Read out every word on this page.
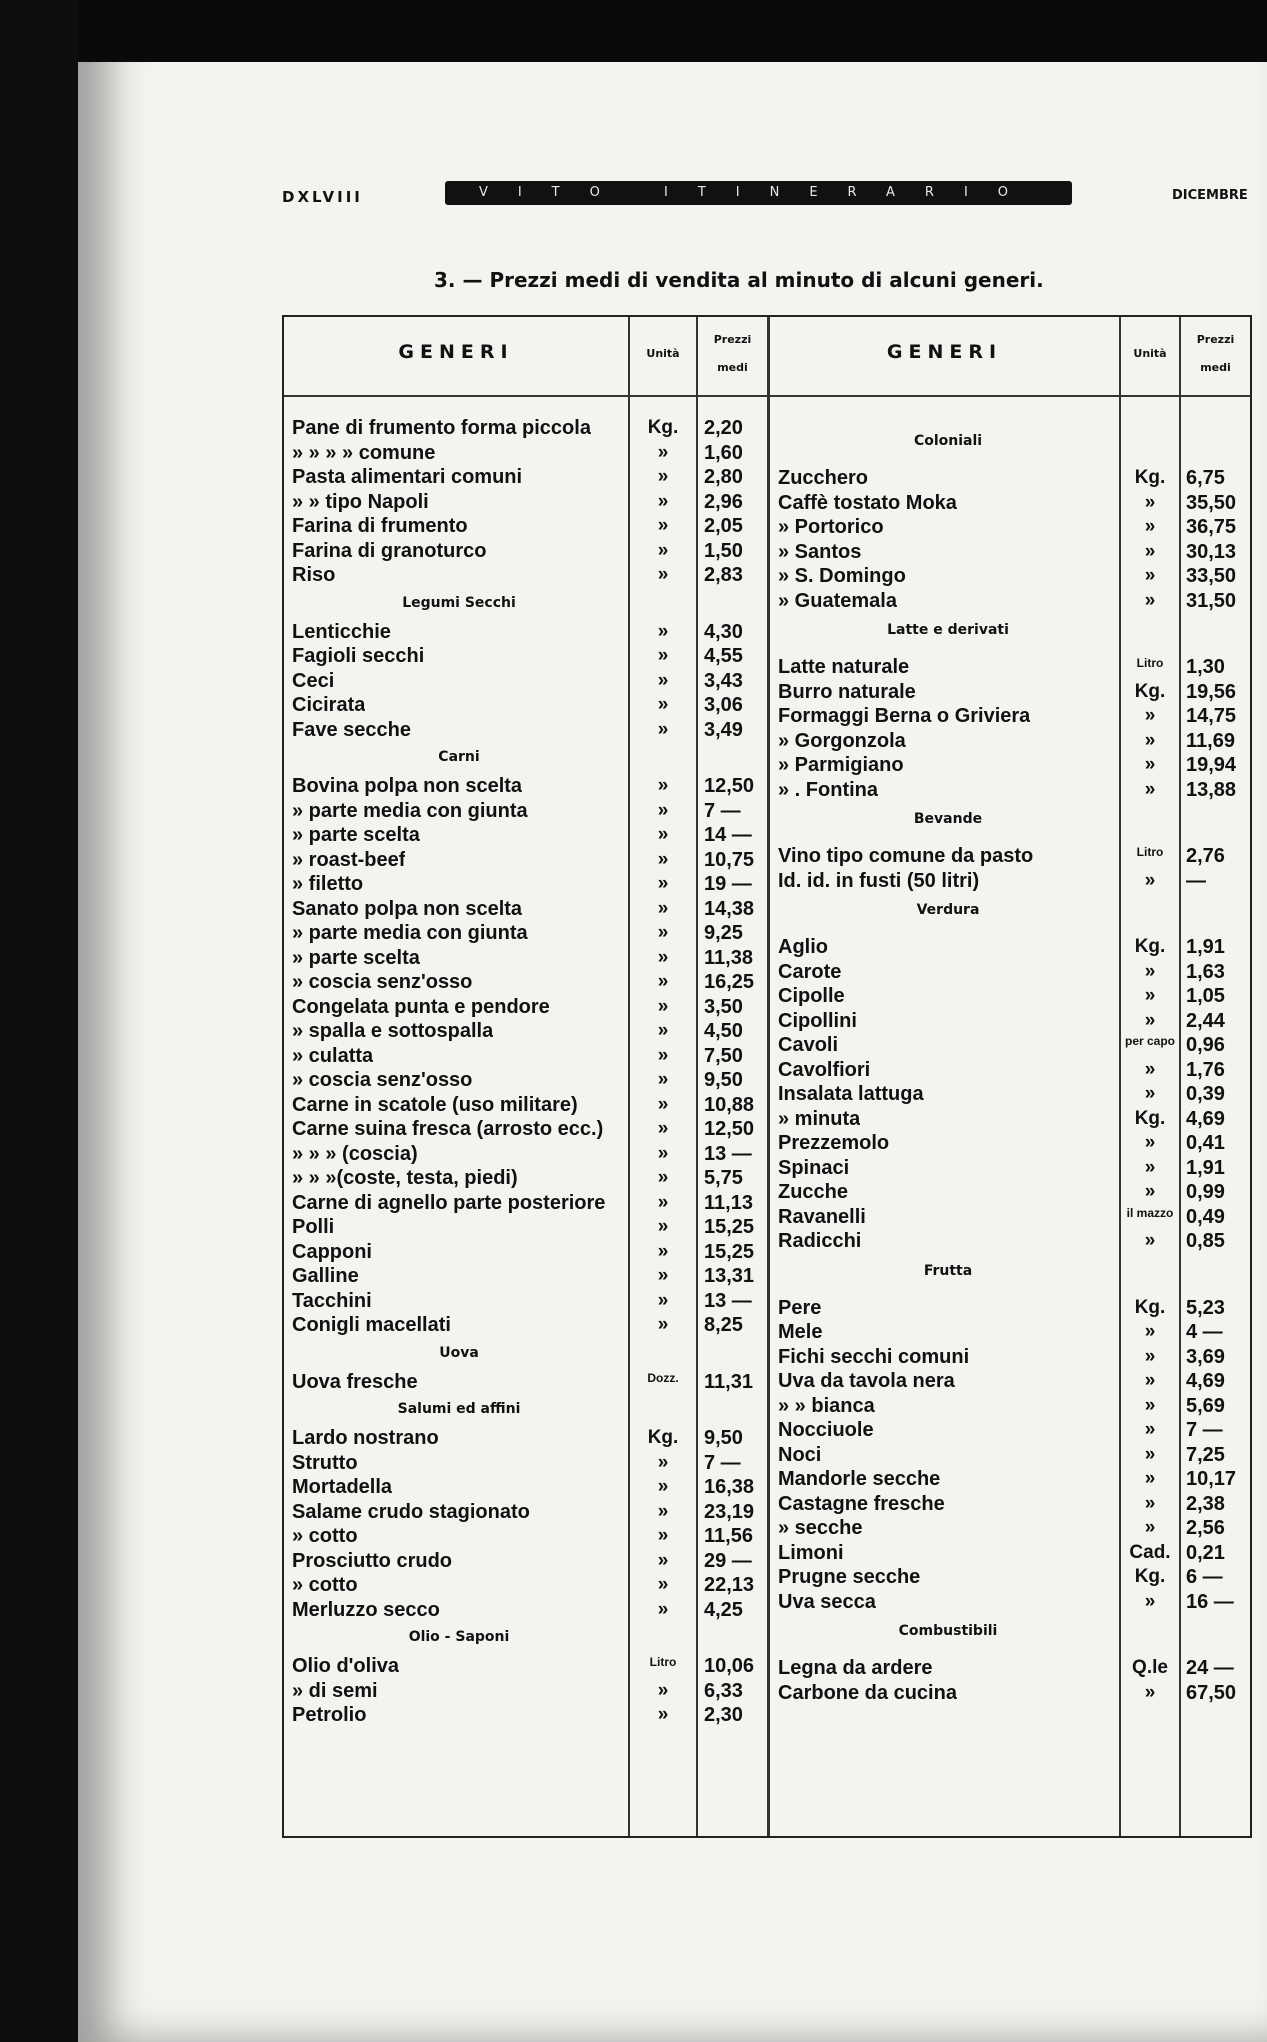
DXLVIII	VITO ITINERARIO	DICEMBRE
3. — Prezzi medi di vendita al minuto di alcuni generi.
GENERI	Unità
Prezzi
medi
GENERI	Unità
Prezzi
medi
Pane di frumento forma piccola	Kg.	2,20
» » » » comune	»	1,60
Pasta alimentari comuni	»	2,80
» » tipo Napoli	»	2,96
Farina di frumento	»	2,05
Farina di granoturco	»	1,50
Riso	»	2,83
Legumi Secchi
Lenticchie	»	4,30
Fagioli secchi	»	4,55
Ceci	»	3,43
Cicirata	»	3,06
Fave secche	»	3,49
Carni
Bovina polpa non scelta	»	12,50
» parte media con giunta	»	7 —
» parte scelta	»	14 —
» roast-beef	»	10,75
» filetto	»	19 —
Sanato polpa non scelta	»	14,38
» parte media con giunta	»	9,25
» parte scelta	»	11,38
» coscia senz'osso	»	16,25
Congelata punta e pendore	»	3,50
» spalla e sottospalla	»	4,50
» culatta	»	7,50
» coscia senz'osso	»	9,50
Carne in scatole (uso militare)	»	10,88
Carne suina fresca (arrosto ecc.)	»	12,50
» » » (coscia)	»	13 —
» » »(coste, testa, piedi)	»	5,75
Carne di agnello parte posteriore	»	11,13
Polli	»	15,25
Capponi	»	15,25
Galline	»	13,31
Tacchini	»	13 —
Conigli macellati	»	8,25
Uova
Uova fresche	Dozz.	11,31
Salumi ed affini
Lardo nostrano	Kg.	9,50
Strutto	»	7 —
Mortadella	»	16,38
Salame crudo stagionato	»	23,19
» cotto	»	11,56
Prosciutto crudo	»	29 —
» cotto	»	22,13
Merluzzo secco	»	4,25
Olio - Saponi
Olio d'oliva	Litro	10,06
» di semi	»	6,33
Petrolio	»	2,30
Coloniali
Zucchero	Kg.	6,75
Caffè tostato Moka	»	35,50
» Portorico	»	36,75
» Santos	»	30,13
» S. Domingo	»	33,50
» Guatemala	»	31,50
Latte e derivati
Latte naturale	Litro	1,30
Burro naturale	Kg.	19,56
Formaggi Berna o Griviera	»	14,75
» Gorgonzola	»	11,69
» Parmigiano	»	19,94
» . Fontina	»	13,88
Bevande
Vino tipo comune da pasto	Litro	2,76
Id. id. in fusti (50 litri)	»	—
Verdura
Aglio	Kg.	1,91
Carote	»	1,63
Cipolle	»	1,05
Cipollini	»	2,44
Cavoli	per capo 0,96
Cavolfiori	»	1,76
Insalata lattuga	»	0,39
» minuta	Kg.	4,69
Prezzemolo	»	0,41
Spinaci	»	1,91
Zucche	»	0,99
Ravanelli	il mazzo 0,49
Radicchi	»	0,85
Frutta
Pere	Kg.	5,23
Mele	»	4 —
Fichi secchi comuni	»	3,69
Uva da tavola nera	»	4,69
» » bianca	»	5,69
Nocciuole	»	7 —
Noci	»	7,25
Mandorle secche	»	10,17
Castagne fresche	»	2,38
» secche	»	2,56
Limoni	Cad. 0,21
Prugne secche	Kg.	6 —
Uva secca	»	16 —
Combustibili
Legna da ardere	Q.le 24 —
Carbone da cucina	»	67,50
